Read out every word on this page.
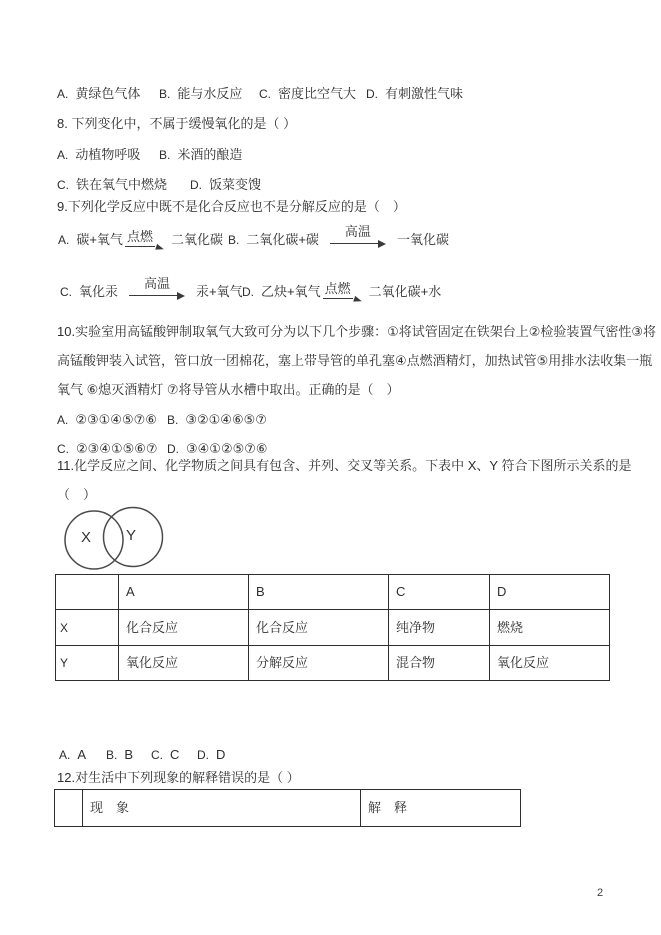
A. 黄绿色气体 B. 能与水反应 C. 密度比空气大 D. 有刺激性气味
8. 下列变化中，不属于缓慢氧化的是（ ）
A. 动植物呼吸 B. 米酒的酿造
C. 铁在氧气中燃烧 D. 饭菜变馊
9.下列化学反应中既不是化合反应也不是分解反应的是（　）
A. 碳+氧气 点燃 二氧化碳 B. 二氧化碳+碳
高温
一氧化碳
C. 氧化汞
高温
汞+氧气 D. 乙炔+氧气 点燃 二氧化碳+水
10.实验室用高锰酸钾制取氧气大致可分为以下几个步骤：①将试管固定在铁架台上②检验装置气密性③将
高锰酸钾装入试管，管口放一团棉花，塞上带导管的单孔塞④点燃酒精灯，加热试管⑤用排水法收集一瓶
氧气 ⑥熄灭酒精灯 ⑦将导管从水槽中取出。正确的是（　）
A. ②③①④⑤⑦⑥ B. ③②①④⑥⑤⑦
C. ②③④①⑤⑥⑦ D. ③④①②⑤⑦⑥
11.化学反应之间、化学物质之间具有包含、并列、交叉等关系。下表中 X、Y 符合下图所示关系的是
（　）
X Y
	A	B	C	D
X	化合反应	化合反应	纯净物	燃烧
Y	氧化反应	分解反应	混合物	氧化反应
A. A B. B C. C D. D
12.对生活中下列现象的解释错误的是（ ）
	现　象	解　释
2
